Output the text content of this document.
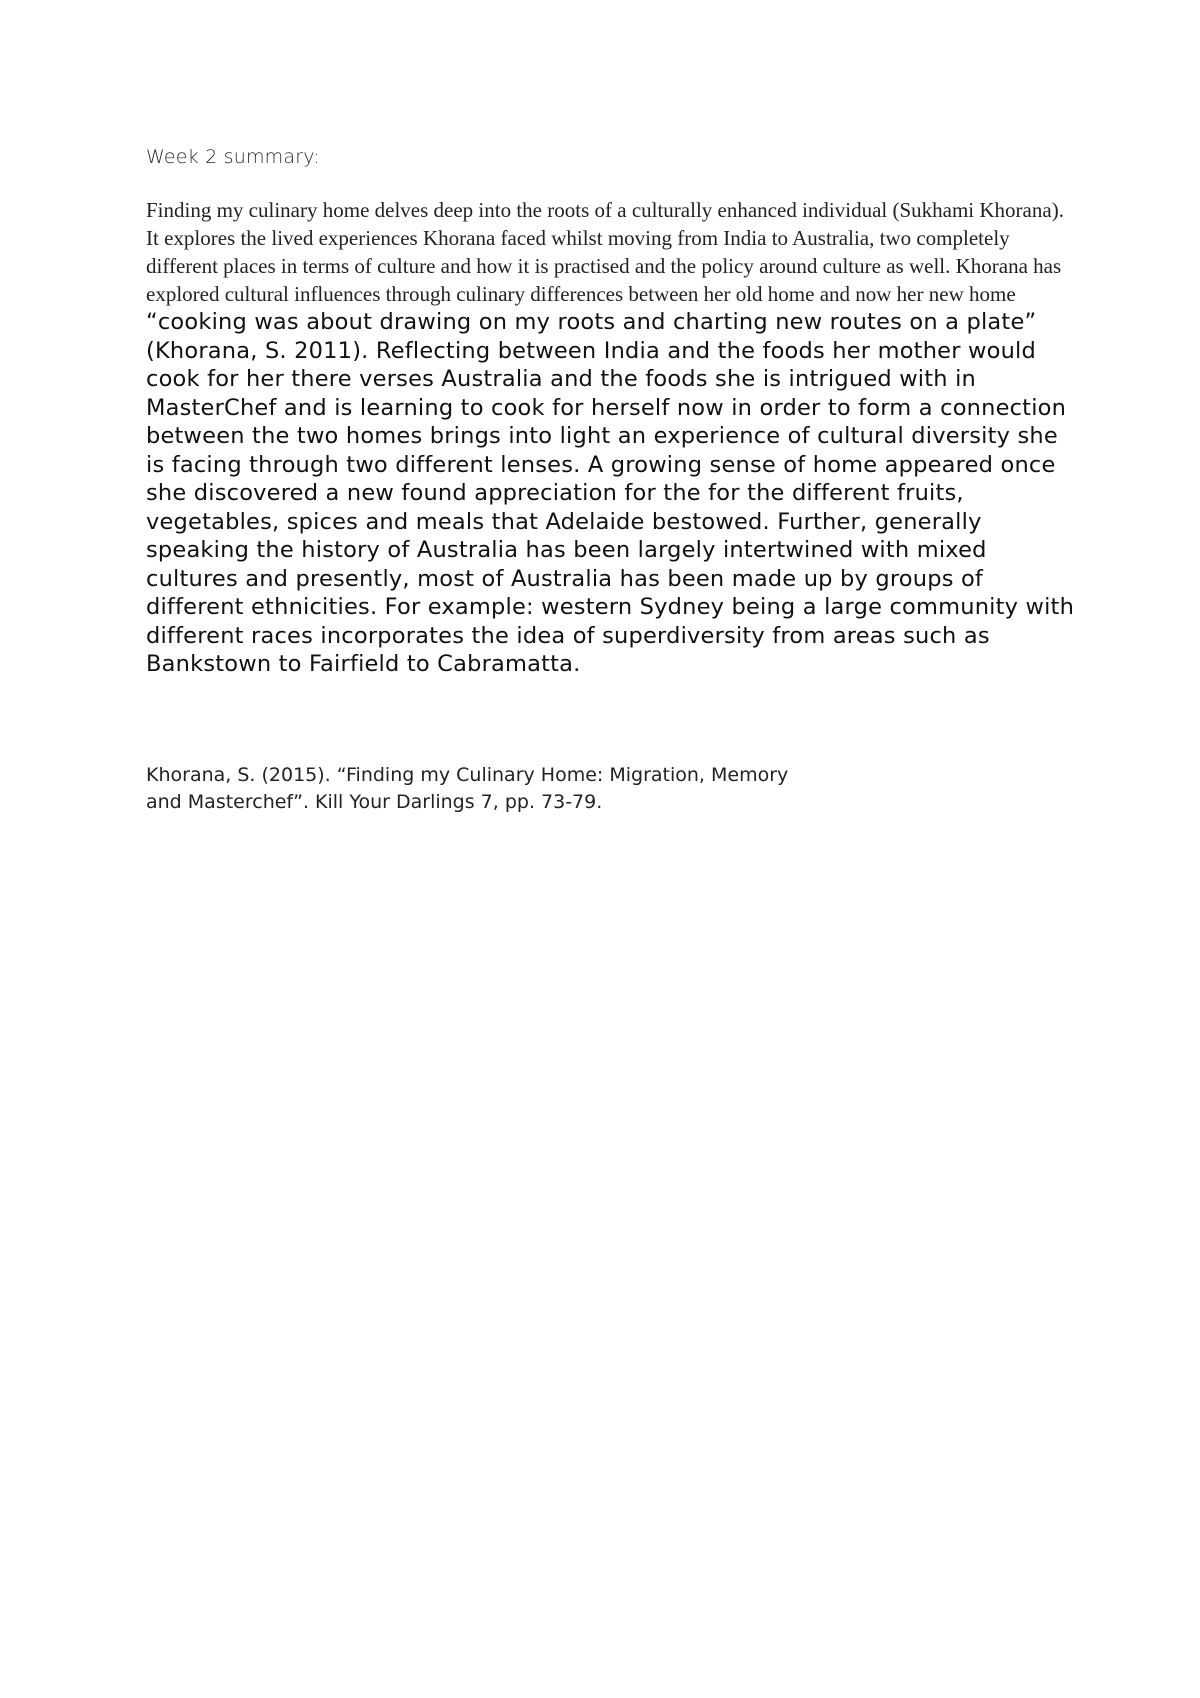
Week 2 summary:

Finding my culinary home delves deep into the roots of a culturally enhanced individual (Sukhami Khorana). It explores the lived experiences Khorana faced whilst moving from India to Australia, two completely different places in terms of culture and how it is practised and the policy around culture as well. Khorana has explored cultural influences through culinary differences between her old home and now her new home “cooking was about drawing on my roots and charting new routes on a plate” (Khorana, S. 2011). Reflecting between India and the foods her mother would cook for her there verses Australia and the foods she is intrigued with in MasterChef and is learning to cook for herself now in order to form a connection between the two homes brings into light an experience of cultural diversity she is facing through two different lenses. A growing sense of home appeared once she discovered a new found appreciation for the for the different fruits, vegetables, spices and meals that Adelaide bestowed. Further, generally speaking the history of Australia has been largely intertwined with mixed cultures and presently, most of Australia has been made up by groups of different ethnicities. For example: western Sydney being a large community with different races incorporates the idea of superdiversity from areas such as Bankstown to Fairfield to Cabramatta.

Khorana, S. (2015). “Finding my Culinary Home: Migration, Memory
and Masterchef”. Kill Your Darlings 7, pp. 73-79.
